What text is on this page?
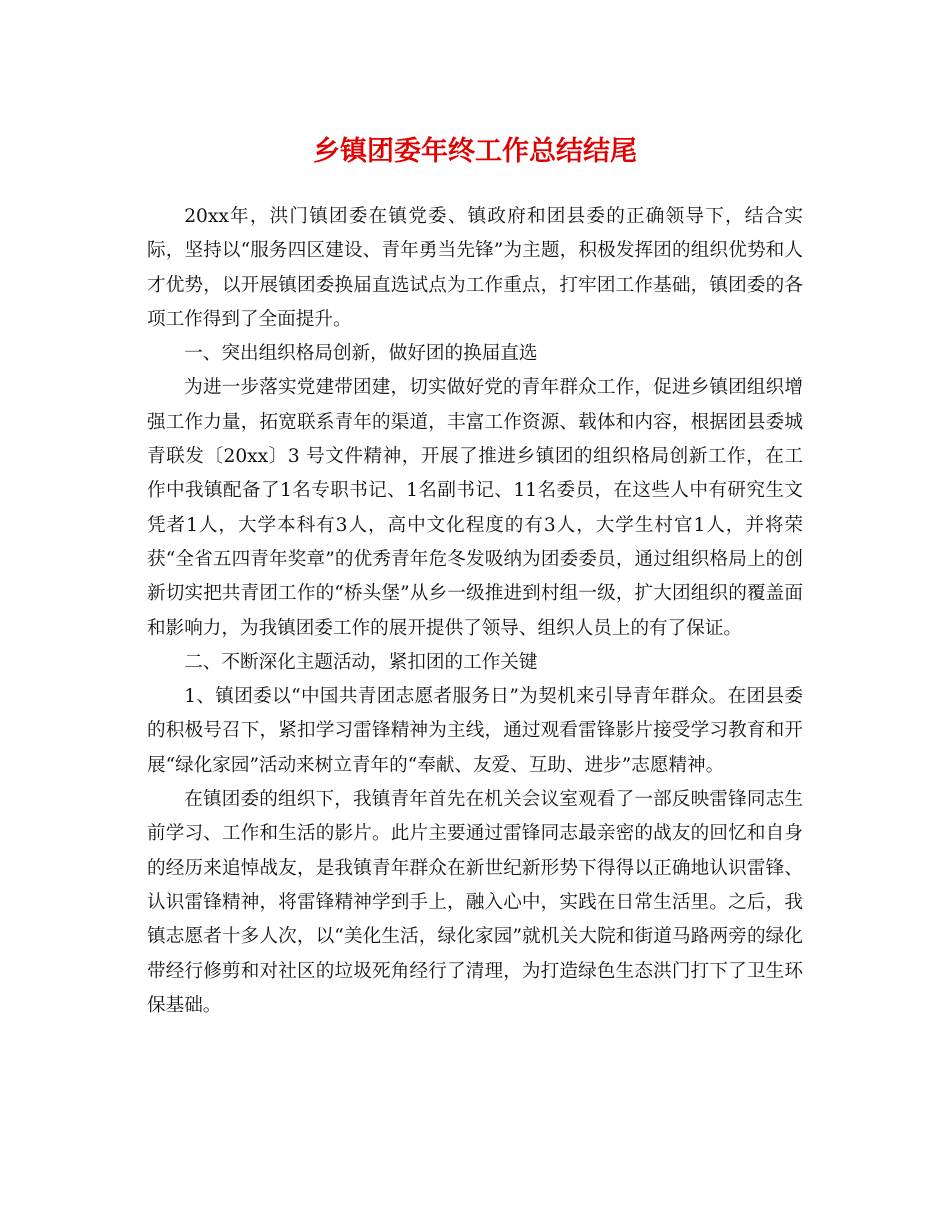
乡镇团委年终工作总结结尾

20xx年，洪门镇团委在镇党委、镇政府和团县委的正确领导下，结合实际，坚持以“服务四区建设、青年勇当先锋”为主题，积极发挥团的组织优势和人才优势，以开展镇团委换届直选试点为工作重点，打牢团工作基础，镇团委的各项工作得到了全面提升。

一、突出组织格局创新，做好团的换届直选

为进一步落实党建带团建，切实做好党的青年群众工作，促进乡镇团组织增强工作力量，拓宽联系青年的渠道，丰富工作资源、载体和内容，根据团县委城青联发〔20xx〕3 号文件精神，开展了推进乡镇团的组织格局创新工作，在工作中我镇配备了1名专职书记、1名副书记、11名委员，在这些人中有研究生文凭者1人，大学本科有3人，高中文化程度的有3人，大学生村官1人，并将荣获“全省五四青年奖章”的优秀青年危冬发吸纳为团委委员，通过组织格局上的创新切实把共青团工作的“桥头堡”从乡一级推进到村组一级，扩大团组织的覆盖面和影响力，为我镇团委工作的展开提供了领导、组织人员上的有了保证。

二、不断深化主题活动，紧扣团的工作关键

1、镇团委以“中国共青团志愿者服务日”为契机来引导青年群众。在团县委的积极号召下，紧扣学习雷锋精神为主线，通过观看雷锋影片接受学习教育和开展“绿化家园”活动来树立青年的“奉献、友爱、互助、进步”志愿精神。

在镇团委的组织下，我镇青年首先在机关会议室观看了一部反映雷锋同志生前学习、工作和生活的影片。此片主要通过雷锋同志最亲密的战友的回忆和自身的经历来追悼战友，是我镇青年群众在新世纪新形势下得得以正确地认识雷锋、认识雷锋精神，将雷锋精神学到手上，融入心中，实践在日常生活里。之后，我镇志愿者十多人次，以“美化生活，绿化家园”就机关大院和街道马路两旁的绿化带经行修剪和对社区的垃圾死角经行了清理，为打造绿色生态洪门打下了卫生环保基础。
